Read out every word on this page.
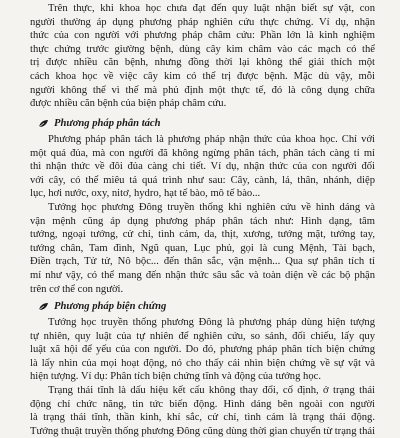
Trên thực, khi khoa học chưa đạt đến quy luật nhận biết sự vật, con
người thường áp dụng phương pháp nghiên cứu thực chứng. Ví dụ, nhận
thức của con người với phương pháp châm cứu: Phần lớn là kinh nghiệm
thực chứng trước giường bệnh, dùng cây kim châm vào các mạch có thể
trị được nhiều căn bệnh, nhưng đồng thời lại không thể giải thích một
cách khoa học về việc cây kim có thể trị được bệnh. Mặc dù vậy, mỗi
người không thể vì thế mà phủ định một thực tế, đó là công dụng chữa
được nhiều căn bệnh của biện pháp châm cứu.
Phương pháp phân tách
Phương pháp phân tách là phương pháp nhận thức của khoa học. Chỉ với
một quả đủa, mà con người đã không ngừng phân tách, phân tách càng tỉ mỉ
thì nhận thức về đôi đủa càng chi tiết. Ví dụ, nhận thức của con người đối
với cây, có thể miêu tả quá trình như sau: Cây, cành, lá, thân, nhánh, diệp
lục, hơi nước, oxy, nitơ, hydro, hạt tế bào, mô tế bào...
Tướng học phương Đông truyền thống khi nghiên cứu về hình dáng và
vận mệnh cũng áp dụng phương pháp phân tách như: Hình dạng, tâm
tướng, ngoại tướng, cử chỉ, tình cảm, da, thịt, xương, tướng mặt, tướng tay,
tướng chân, Tam đình, Ngũ quan, Lục phủ, gọi là cung Mệnh, Tài bạch,
Điền trạch, Tử tử, Nô bộc... đến thân sắc, vận mệnh... Qua sự phân tích tỉ
mỉ như vậy, có thể mang đến nhận thức sâu sắc và toàn diện về các bộ phận
trên cơ thể con người.
Phương pháp biện chứng
Tướng học truyền thống phương Đông là phương pháp dùng hiện tượng
tự nhiên, quy luật của tự nhiên để nghiên cứu, so sánh, đối chiếu, lấy quy
luật xã hội để yếu của con người. Do đó, phương pháp phân tích biện chứng
là lấy nhìn của mọi hoạt động, nó cho thấy cái nhìn biện chứng về sự vật và
hiện tượng. Ví dụ: Phân tích biện chứng tĩnh và động của tướng học.
Trạng thái tĩnh là dấu hiệu kết cấu không thay đổi, cố định, ở trạng thái
động chỉ chức năng, tin tức biến động. Hình dáng bên ngoài con người
là trạng thái tĩnh, thần kinh, khí sắc, cử chỉ, tình cảm là trạng thái động.
Tướng thuật truyền thống phương Đông cũng dùng thời gian chuyển từ trạng thái
